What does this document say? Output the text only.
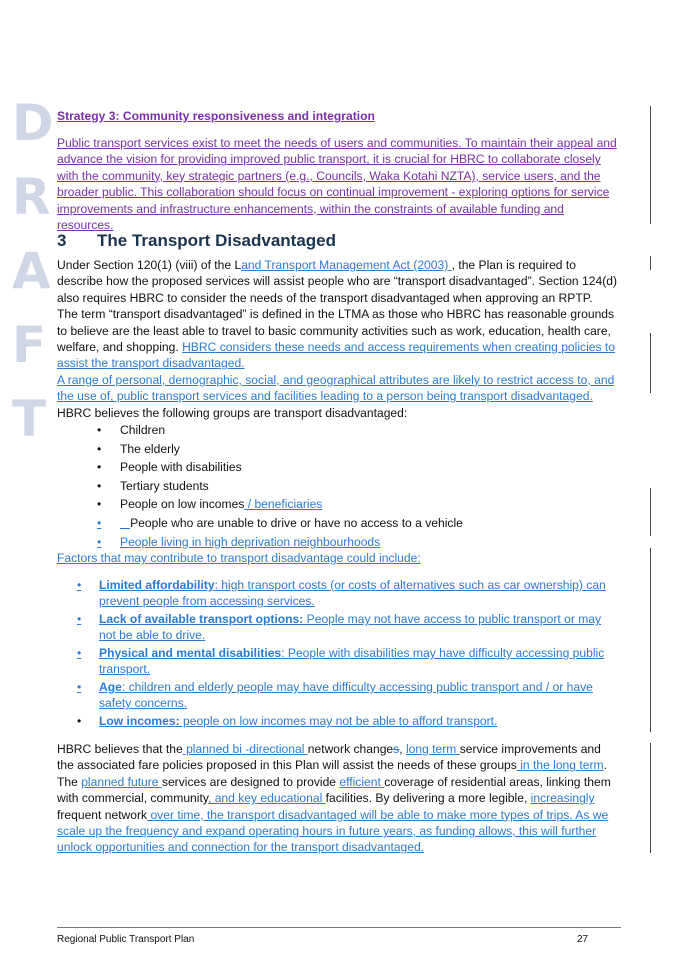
D
R
A
F
T
Strategy 3: Community responsiveness and integration
Public transport services exist to meet the needs of users and communities. To maintain their appeal and advance the vision for providing improved public transport, it is crucial for HBRC to collaborate closely with the community, key strategic partners (e.g., Councils, Waka Kotahi NZTA), service users, and the broader public. This collaboration should focus on continual improvement - exploring options for service improvements and infrastructure enhancements, within the constraints of available funding and resources.
3 The Transport Disadvantaged

Under Section 120(1) (viii) of the Land Transport Management Act (2003) , the Plan is required to describe how the proposed services will assist people who are “transport disadvantaged”. Section 124(d) also requires HBRC to consider the needs of the transport disadvantaged when approving an RPTP.

The term “transport disadvantaged” is defined in the LTMA as those who HBRC has reasonable grounds to believe are the least able to travel to basic community activities such as work, education, health care, welfare, and shopping. HBRC considers these needs and access requirements when creating policies to assist the transport disadvantaged.

A range of personal, demographic, social, and geographical attributes are likely to restrict access to, and the use of, public transport services and facilities leading to a person being transport disadvantaged. HBRC believes the following groups are transport disadvantaged:

• Children
• The elderly
• People with disabilities
• Tertiary students
• People on low incomes / beneficiaries
• People who are unable to drive or have no access to a vehicle
• People living in high deprivation neighbourhoods
Factors that may contribute to transport disadvantage could include:
• Limited affordability: high transport costs (or costs of alternatives such as car ownership) can prevent people from accessing services.
• Lack of available transport options: People may not have access to public transport or may not be able to drive.
• Physical and mental disabilities: People with disabilities may have difficulty accessing public transport.
• Age: children and elderly people may have difficulty accessing public transport and / or have safety concerns.
• Low incomes: people on low incomes may not be able to afford transport.
HBRC believes that the planned bi -directional network changes, long term service improvements and the associated fare policies proposed in this Plan will assist the needs of these groups in the long term. The planned future services are designed to provide efficient coverage of residential areas, linking them with commercial, community, and key educational facilities. By delivering a more legible, increasingly frequent network over time, the transport disadvantaged will be able to make more types of trips. As we scale up the frequency and expand operating hours in future years, as funding allows, this will further unlock opportunities and connection for the transport disadvantaged.
Regional Public Transport Plan	27
